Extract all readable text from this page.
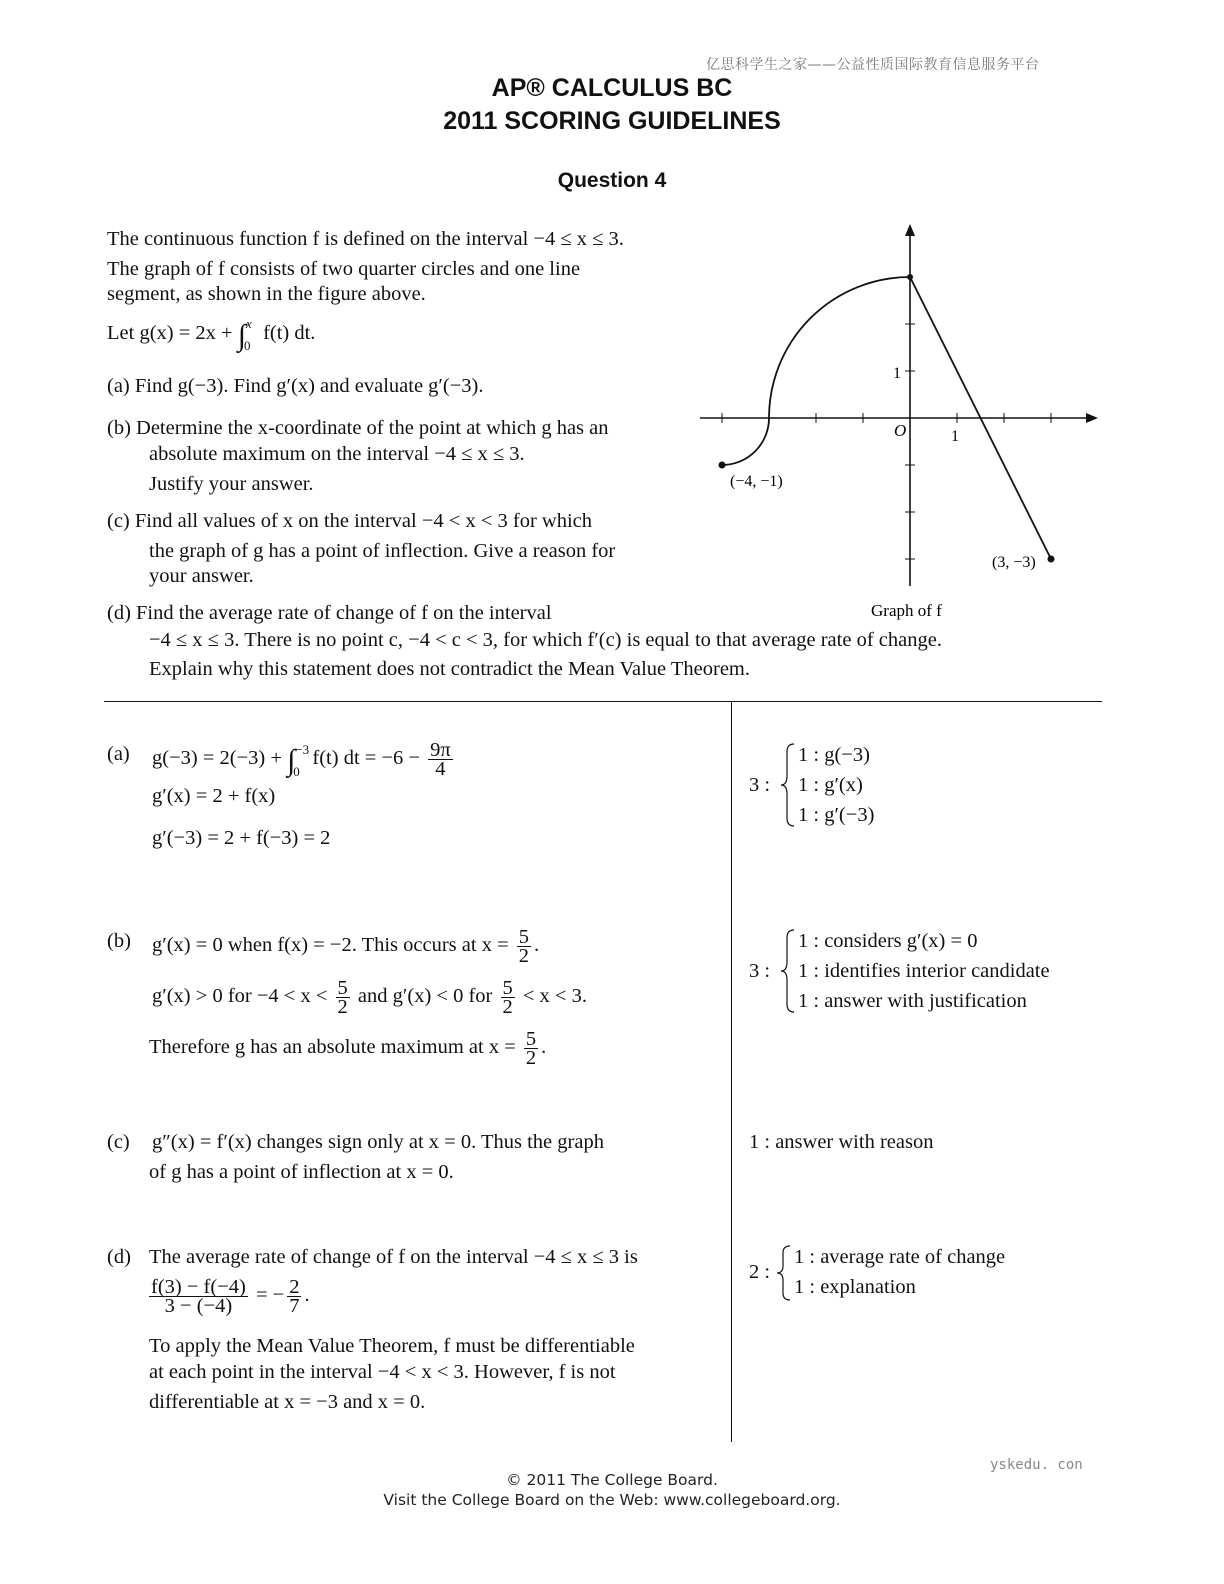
亿思科学生之家——公益性质国际教育信息服务平台
AP® CALCULUS BC
2011 SCORING GUIDELINES
Question 4
The continuous function f is defined on the interval −4 ≤ x ≤ 3.
The graph of f consists of two quarter circles and one line
segment, as shown in the figure above.
Let g(x) = 2x + ∫ x
0
f(t) dt.
(a) Find g(−3). Find g′(x) and evaluate g′(−3).
(b) Determine the x-coordinate of the point at which g has an
absolute maximum on the interval −4 ≤ x ≤ 3.
Justify your answer.
(c) Find all values of x on the interval −4 < x < 3 for which
the graph of g has a point of inflection. Give a reason for
your answer.
(d) Find the average rate of change of f on the interval
−4 ≤ x ≤ 3. There is no point c, −4 < c < 3, for which f′(c) is equal to that average rate of change.
Explain why this statement does not contradict the Mean Value Theorem.
O	1
1
(−4, −1)
(3, −3)
Graph of f
(a) g(−3) = 2(−3) + ∫ −3
0
f(t) dt = $-6 - \frac{9\pi}{4}$
g′(x) = 2 + f(x)
g′(−3) = 2 + f(−3) = 2
(b) g′(x) = 0 when f(x) = −2. This occurs at $x = \frac{5}{2}$ .
g′(x) > 0 for $-4 < x < \frac{5}{2}$ and g′(x) < 0 for $\frac{5}{2} < x < 3$.
Therefore g has an absolute maximum at $x = \frac{5}{2}$ .
(c) g″(x) = f′(x) changes sign only at x = 0. Thus the graph
of g has a point of inflection at x = 0.
(d) The average rate of change of f on the interval −4 ≤ x ≤ 3 is
$\frac{f(3) - f(-4)}{3 - (-4)}$ = − $\frac{2}{7}$ .
To apply the Mean Value Theorem, f must be differentiable
at each point in the interval −4 < x < 3. However, f is not
differentiable at x = −3 and x = 0.
3 :
1 : g(−3)
1 : g′(x)
1 : g′(−3)
3 :
1 : considers g′(x) = 0
1 : identifies interior candidate
1 : answer with justification
1 : answer with reason
2 :
1 : average rate of change
1 : explanation
yskedu. con
© 2011 The College Board.
Visit the College Board on the Web: www.collegeboard.org.
